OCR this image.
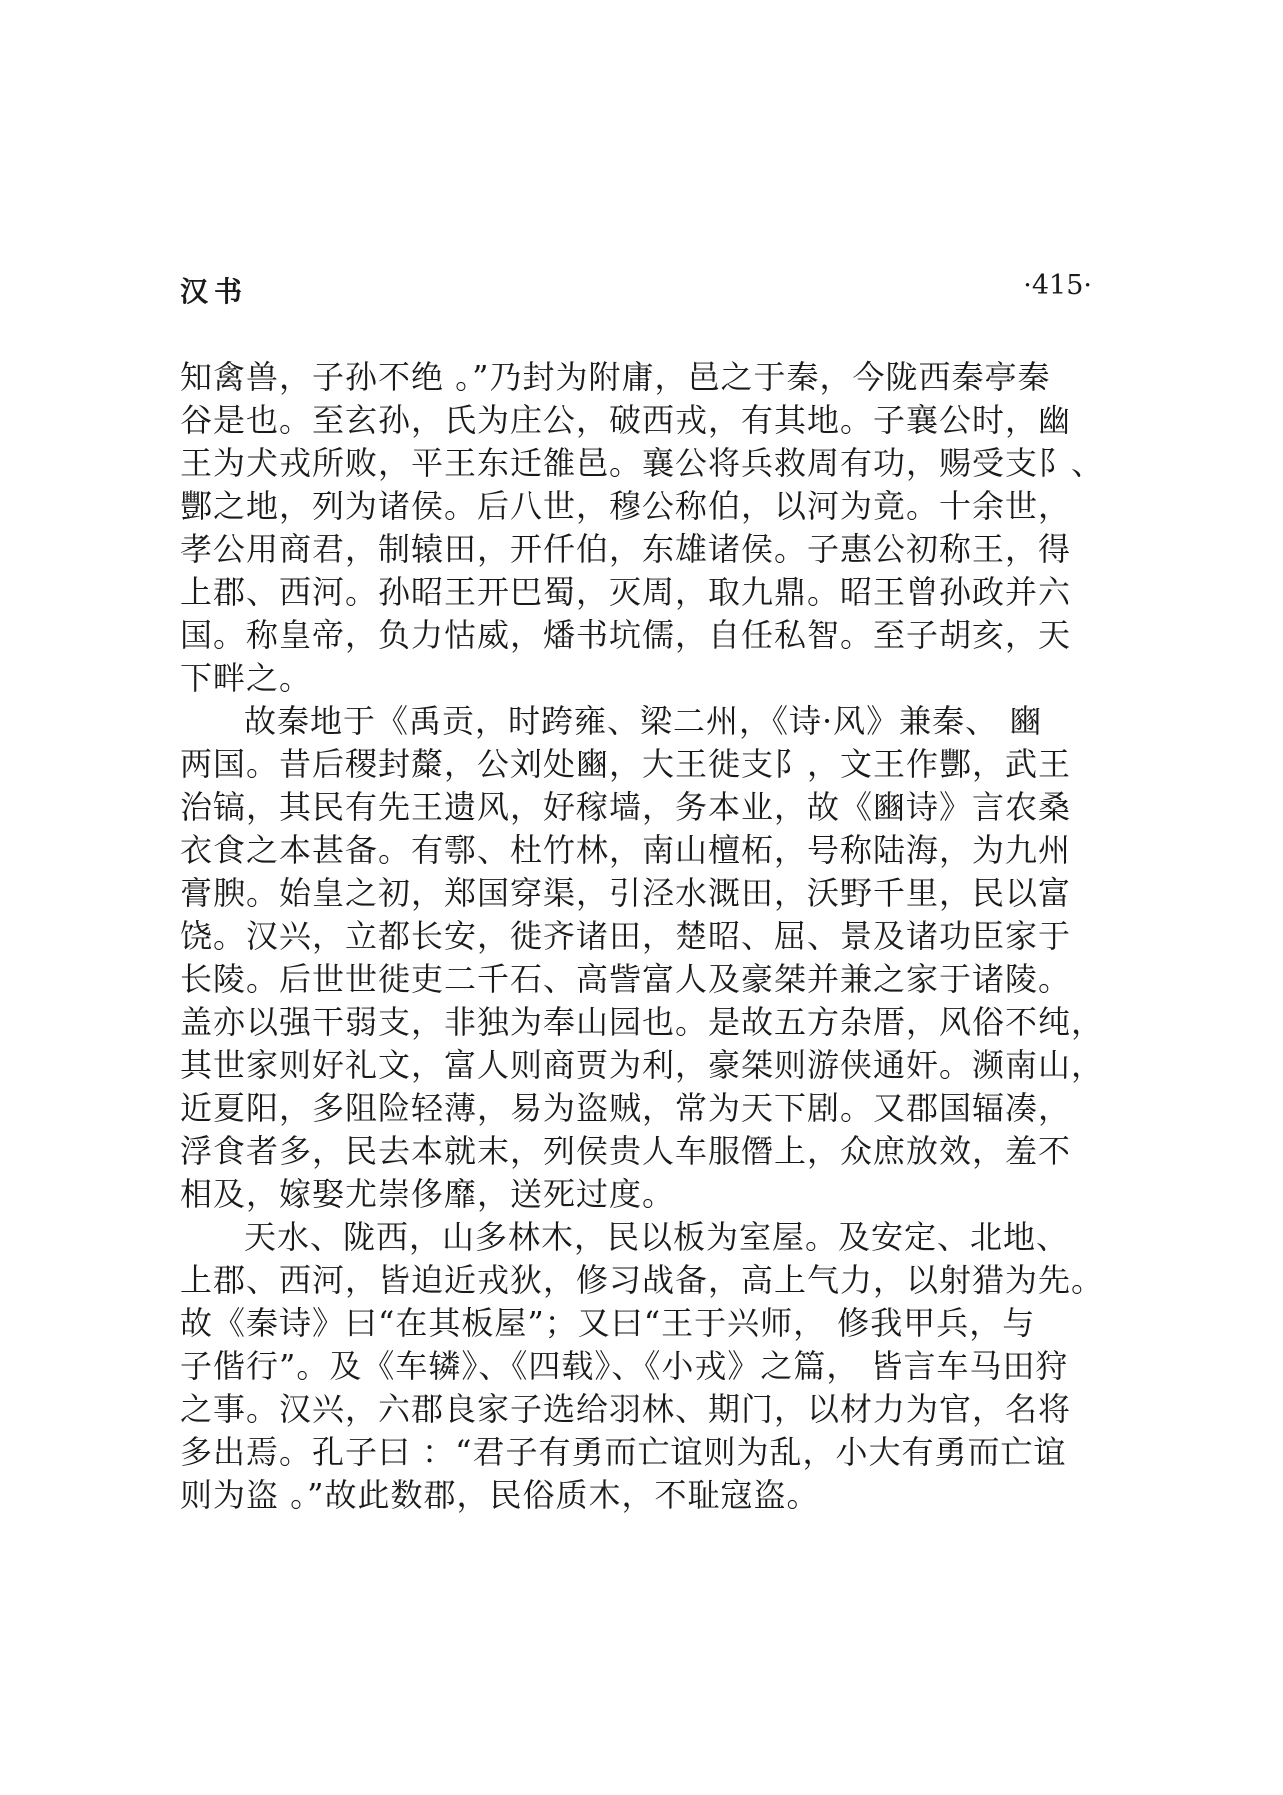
汉书	·415·
知禽兽，子孙不绝 。”乃封为附庸，邑之于秦，今陇西秦亭秦
谷是也。至玄孙，氏为庄公，破西戎，有其地。子襄公时，幽
王为犬戎所败，平王东迁雒邑。襄公将兵救周有功，赐受支阝、
酆之地，列为诸侯。后八世，穆公称伯，以河为竟。十余世，
孝公用商君，制辕田，开仟伯，东雄诸侯。子惠公初称王，得
上郡、西河。孙昭王开巴蜀，灭周，取九鼎。昭王曾孙政并六
国。称皇帝，负力怙威，燔书坑儒，自任私智。至子胡亥，天
下畔之。
故秦地于《禹贡，时跨雍、梁二州，《诗·风》兼秦、 豳
两国。昔后稷封斄，公刘处豳，大王徙支阝，文王作酆，武王
治镐，其民有先王遗风，好稼墙，务本业，故《豳诗》言农桑
衣食之本甚备。有鄠、杜竹林，南山檀柘，号称陆海，为九州
膏腴。始皇之初，郑国穿渠，引泾水溉田，沃野千里，民以富
饶。汉兴，立都长安，徙齐诸田，楚昭、屈、景及诸功臣家于
长陵。后世世徙吏二千石、高訾富人及豪桀并兼之家于诸陵。
盖亦以强干弱支，非独为奉山园也。是故五方杂厝，风俗不纯，
其世家则好礼文，富人则商贾为利，豪桀则游侠通奸。濒南山，
近夏阳，多阻险轻薄，易为盗贼，常为天下剧。又郡国辐凑，
浮食者多，民去本就末，列侯贵人车服僭上，众庶放效，羞不
相及，嫁娶尤崇侈靡，送死过度。
天水、陇西，山多林木，民以板为室屋。及安定、北地、
上郡、西河，皆迫近戎狄，修习战备，高上气力，以射猎为先。
故《秦诗》曰“在其板屋”；又曰“王于兴师， 修我甲兵，与
子偕行”。及《车辚》、《四载》、《小戎》之篇， 皆言车马田狩
之事。汉兴，六郡良家子选给羽林、期门，以材力为官，名将
多出焉。孔子曰 ：“君子有勇而亡谊则为乱，小大有勇而亡谊
则为盗 。”故此数郡，民俗质木，不耻寇盗。
